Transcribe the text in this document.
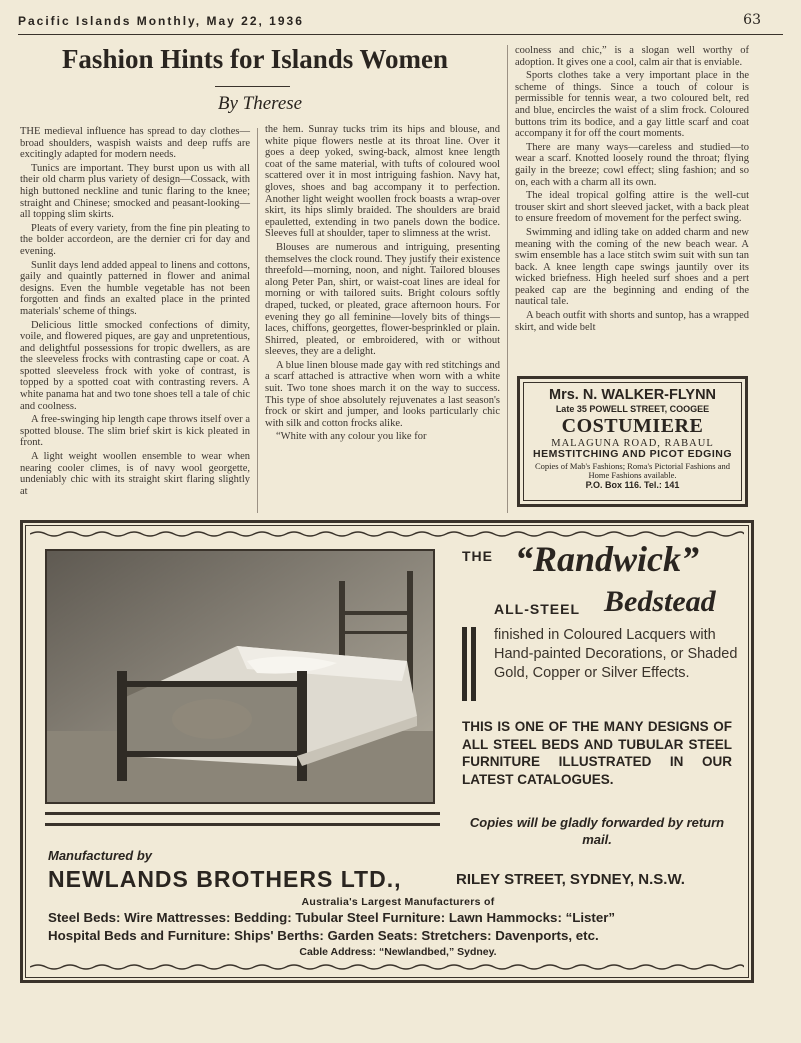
Pacific Islands Monthly, May 22, 1936	63
Fashion Hints for Islands Women
By Therese

THE medieval influence has spread to day clothes—broad shoulders, waspish waists and deep ruffs are excitingly adapted for modern needs.

Tunics are important. They burst upon us with all their old charm plus variety of design—Cossack, with high buttoned neckline and tunic flaring to the knee; straight and Chinese; smocked and peasant-looking—all topping slim skirts.

Pleats of every variety, from the fine pin pleating to the bolder accordeon, are the dernier cri for day and evening.

Sunlit days lend added appeal to linens and cottons, gaily and quaintly patterned in flower and animal designs. Even the humble vegetable has not been forgotten and finds an exalted place in the printed materials' scheme of things.

Delicious little smocked confections of dimity, voile, and flowered piques, are gay and unpretentious, and delightful possessions for tropic dwellers, as are the sleeveless frocks with contrasting cape or coat. A spotted sleeveless frock with yoke of contrast, is topped by a spotted coat with contrasting revers. A white panama hat and two tone shoes tell a tale of chic and coolness.

A free-swinging hip length cape throws itself over a spotted blouse. The slim brief skirt is kick pleated in front.

A light weight woollen ensemble to wear when nearing cooler climes, is of navy wool georgette, undeniably chic with its straight skirt flaring slightly at

the hem. Sunray tucks trim its hips and blouse, and white pique flowers nestle at its throat line. Over it goes a deep yoked, swing-back, almost knee length coat of the same material, with tufts of coloured wool scattered over it in most intriguing fashion. Navy hat, gloves, shoes and bag accompany it to perfection. Another light weight woollen frock boasts a wrap-over skirt, its hips slimly braided. The shoulders are braid epauletted, extending in two panels down the bodice. Sleeves full at shoulder, taper to slimness at the wrist.

Blouses are numerous and intriguing, presenting themselves the clock round. They justify their existence threefold—morning, noon, and night. Tailored blouses along Peter Pan, shirt, or waist-coat lines are ideal for morning or with tailored suits. Bright colours softly draped, tucked, or pleated, grace afternoon hours. For evening they go all feminine—lovely bits of things—laces, chiffons, georgettes, flower-besprinkled or plain. Shirred, pleated, or embroidered, with or without sleeves, they are a delight.

A blue linen blouse made gay with red stitchings and a scarf attached is attractive when worn with a white suit. Two tone shoes march it on the way to success. This type of shoe absolutely rejuvenates a last season's frock or skirt and jumper, and looks particularly chic with silk and cotton frocks alike.

“White with any colour you like for

coolness and chic,” is a slogan well worthy of adoption. It gives one a cool, calm air that is enviable.

Sports clothes take a very important place in the scheme of things. Since a touch of colour is permissible for tennis wear, a two coloured belt, red and blue, encircles the waist of a slim frock. Coloured buttons trim its bodice, and a gay little scarf and coat accompany it for off the court moments.

There are many ways—careless and studied—to wear a scarf. Knotted loosely round the throat; flying gaily in the breeze; cowl effect; sling fashion; and so on, each with a charm all its own.

The ideal tropical golfing attire is the well-cut trouser skirt and short sleeved jacket, with a back pleat to ensure freedom of movement for the perfect swing.

Swimming and idling take on added charm and new meaning with the coming of the new beach wear. A swim ensemble has a lace stitch swim suit with sun tan back. A knee length cape swings jauntily over its wicked briefness. High heeled surf shoes and a pert peaked cap are the beginning and ending of the nautical tale.

A beach outfit with shorts and suntop, has a wrapped skirt, and wide belt

Mrs. N. WALKER-FLYNN
Late 35 POWELL STREET, COOGEE
COSTUMIERE
MALAGUNA ROAD, RABAUL
HEMSTITCHING AND PICOT EDGING
Copies of Mab's Fashions; Roma's Pictorial Fashions and Home Fashions available.
P.O. Box 116. Tel.: 141
THE “Randwick”
ALL-STEEL Bedstead
finished in Coloured Lacquers with Hand-painted Decorations, or Shaded Gold, Copper or Silver Effects.
THIS IS ONE OF THE MANY DESIGNS OF ALL STEEL BEDS AND TUBULAR STEEL FURNITURE ILLUSTRATED IN OUR LATEST CATALOGUES.
Copies will be gladly forwarded by return mail.
Manufactured by
NEWLANDS BROTHERS LTD.,	RILEY STREET, SYDNEY, N.S.W.
Australia's Largest Manufacturers of
Steel Beds: Wire Mattresses: Bedding: Tubular Steel Furniture: Lawn Hammocks: “Lister”
Hospital Beds and Furniture: Ships' Berths: Garden Seats: Stretchers: Davenports, etc.
Cable Address: “Newlandbed,” Sydney.
